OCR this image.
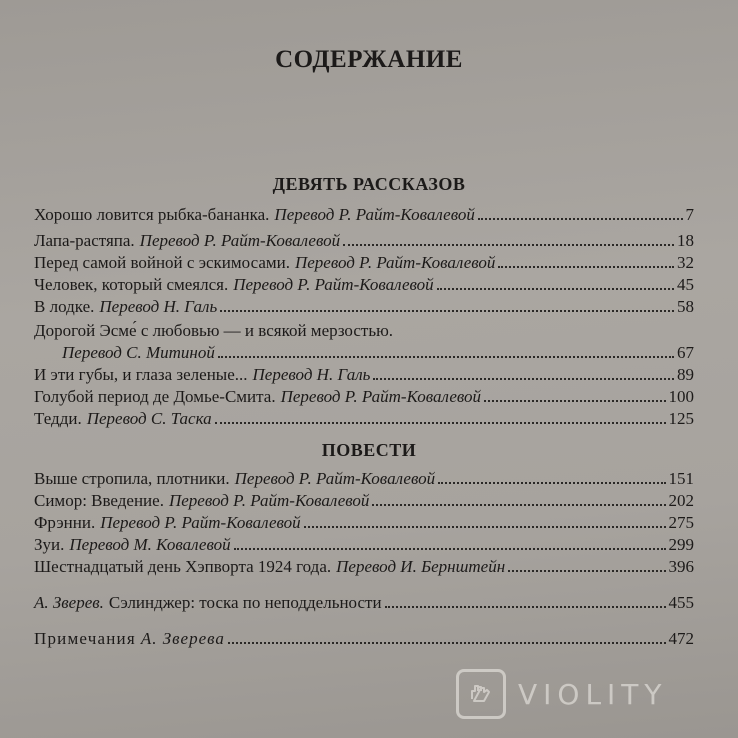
СОДЕРЖАНИЕ
ДЕВЯТЬ РАССКАЗОВ
Хорошо ловится рыбка-бананка. Перевод Р. Райт-Ковалевой	7
Лапа-растяпа. Перевод Р. Райт-Ковалевой	18
Перед самой войной с эскимосами. Перевод Р. Райт-Ковалевой	32
Человек, который смеялся. Перевод Р. Райт-Ковалевой	45
В лодке. Перевод Н. Галь	58
Дорогой Эсме́ с любовью — и всякой мерзостью.
Перевод С. Митиной	67
И эти губы, и глаза зеленые... Перевод Н. Галь	89
Голубой период де Домье-Смита. Перевод Р. Райт-Ковалевой	100
Тедди. Перевод С. Таска	125
ПОВЕСТИ
Выше стропила, плотники. Перевод Р. Райт-Ковалевой	151
Симор: Введение. Перевод Р. Райт-Ковалевой	202
Фрэнни. Перевод Р. Райт-Ковалевой	275
Зуи. Перевод М. Ковалевой	299
Шестнадцатый день Хэпворта 1924 года. Перевод И. Бернштейн	396
А. Зверев. Сэлинджер: тоска по неподдельности	455
Примечания А. Зверева	472
VIOLITY
